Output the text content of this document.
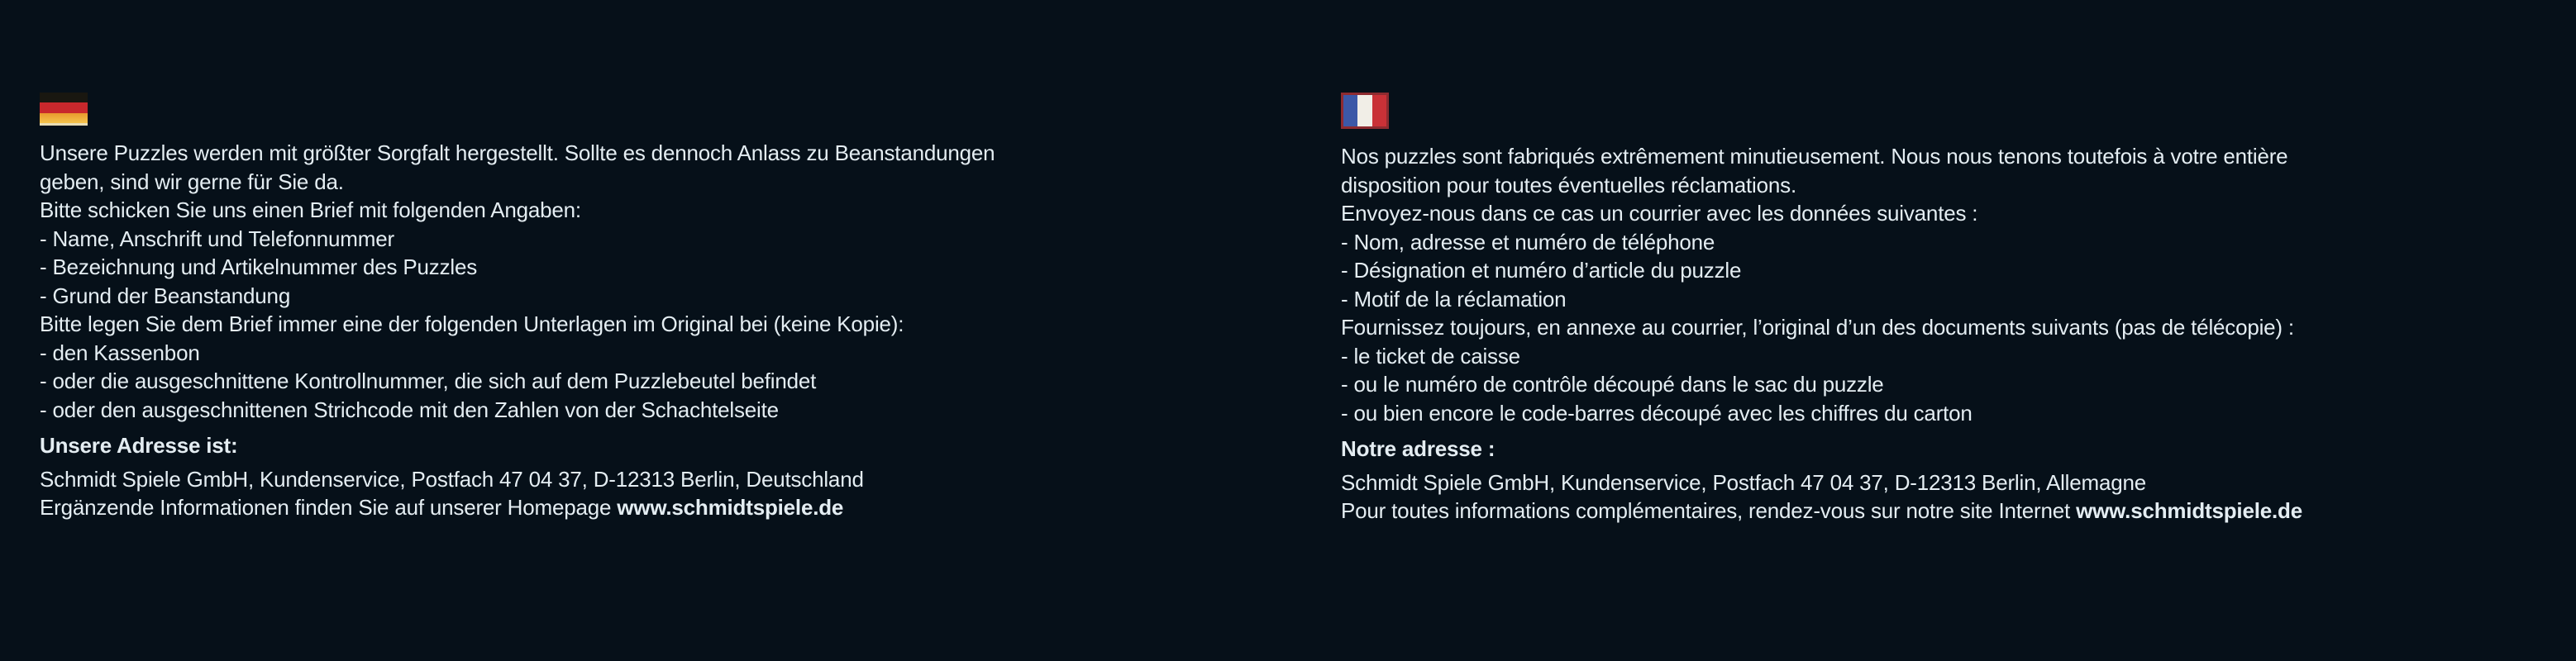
Unsere Puzzles werden mit größter Sorgfalt hergestellt. Sollte es dennoch Anlass zu Beanstandungen
geben, sind wir gerne für Sie da.
Bitte schicken Sie uns einen Brief mit folgenden Angaben:
- Name, Anschrift und Telefonnummer
- Bezeichnung und Artikelnummer des Puzzles
- Grund der Beanstandung
Bitte legen Sie dem Brief immer eine der folgenden Unterlagen im Original bei (keine Kopie):
- den Kassenbon
- oder die ausgeschnittene Kontrollnummer, die sich auf dem Puzzlebeutel befindet
- oder den ausgeschnittenen Strichcode mit den Zahlen von der Schachtelseite
Unsere Adresse ist:
Schmidt Spiele GmbH, Kundenservice, Postfach 47 04 37, D-12313 Berlin, Deutschland
Ergänzende Informationen finden Sie auf unserer Homepage www.schmidtspiele.de
Nos puzzles sont fabriqués extrêmement minutieusement. Nous nous tenons toutefois à votre entière
disposition pour toutes éventuelles réclamations.
Envoyez-nous dans ce cas un courrier avec les données suivantes :
- Nom, adresse et numéro de téléphone
- Désignation et numéro d’article du puzzle
- Motif de la réclamation
Fournissez toujours, en annexe au courrier, l’original d’un des documents suivants (pas de télécopie) :
- le ticket de caisse
- ou le numéro de contrôle découpé dans le sac du puzzle
- ou bien encore le code-barres découpé avec les chiffres du carton
Notre adresse :
Schmidt Spiele GmbH, Kundenservice, Postfach 47 04 37, D-12313 Berlin, Allemagne
Pour toutes informations complémentaires, rendez-vous sur notre site Internet www.schmidtspiele.de
